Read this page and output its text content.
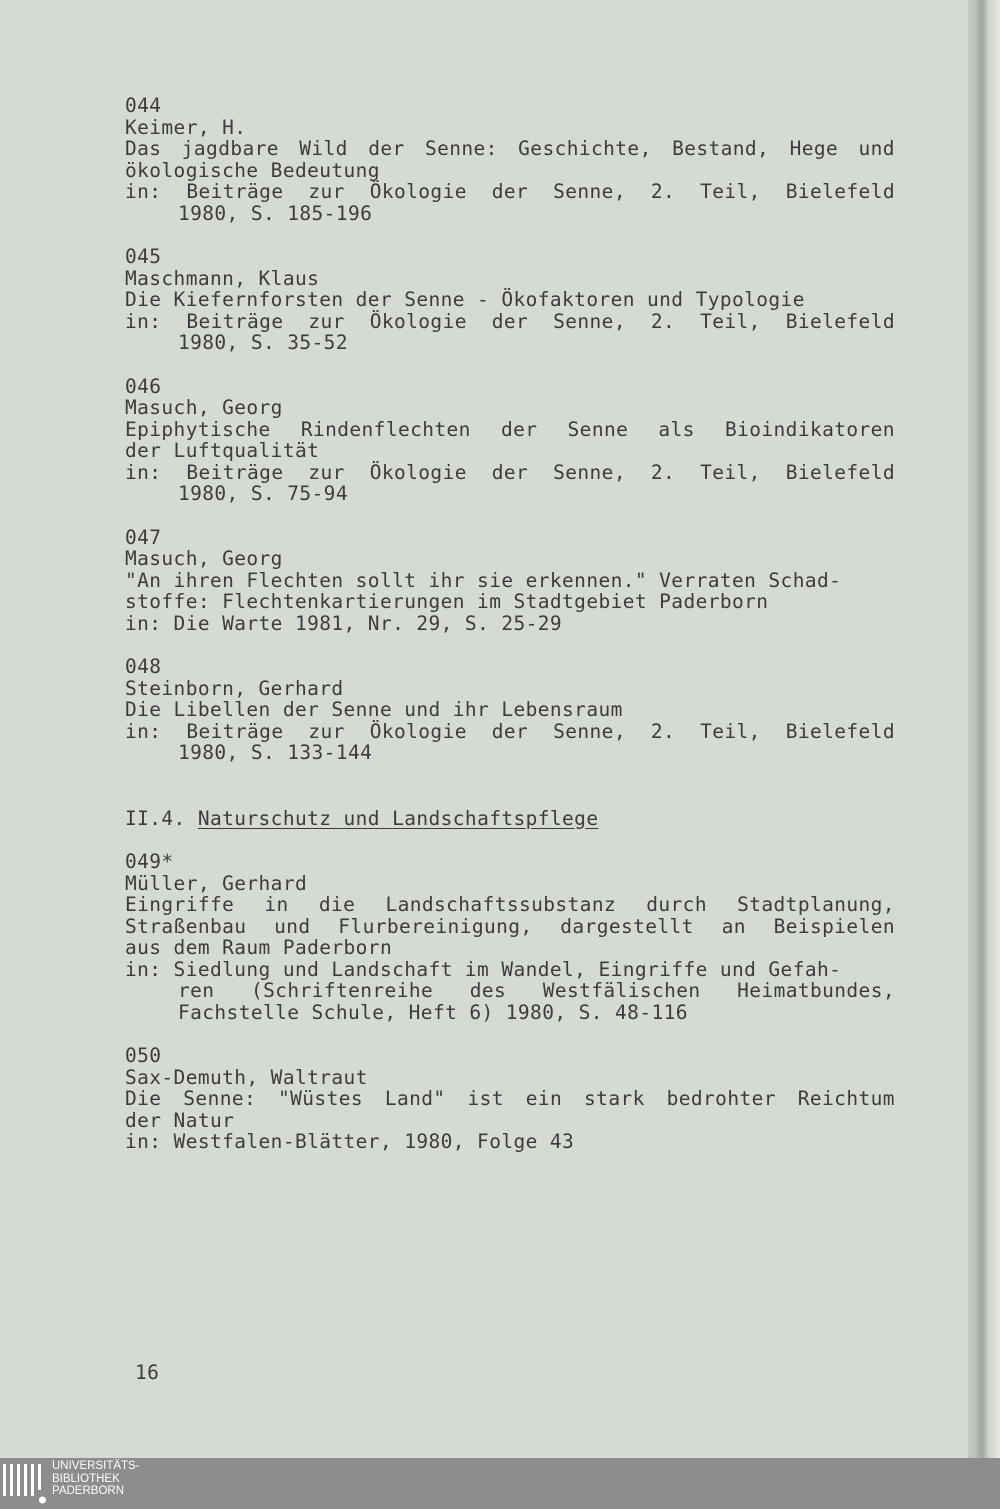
044
Keimer, H.
Das jagdbare Wild der Senne: Geschichte, Bestand, Hege und
ökologische Bedeutung
in: Beiträge zur Ökologie der Senne, 2. Teil, Bielefeld
1980, S. 185-196
045
Maschmann, Klaus
Die Kiefernforsten der Senne - Ökofaktoren und Typologie
in: Beiträge zur Ökologie der Senne, 2. Teil, Bielefeld
1980, S. 35-52
046
Masuch, Georg
Epiphytische Rindenflechten der Senne als Bioindikatoren
der Luftqualität
in: Beiträge zur Ökologie der Senne, 2. Teil, Bielefeld
1980, S. 75-94
047
Masuch, Georg
"An ihren Flechten sollt ihr sie erkennen." Verraten Schad-
stoffe: Flechtenkartierungen im Stadtgebiet Paderborn
in: Die Warte 1981, Nr. 29, S. 25-29
048
Steinborn, Gerhard
Die Libellen der Senne und ihr Lebensraum
in: Beiträge zur Ökologie der Senne, 2. Teil, Bielefeld
1980, S. 133-144
II.4. Naturschutz und Landschaftspflege
049*
Müller, Gerhard
Eingriffe in die Landschaftssubstanz durch Stadtplanung,
Straßenbau und Flurbereinigung, dargestellt an Beispielen
aus dem Raum Paderborn
in: Siedlung und Landschaft im Wandel, Eingriffe und Gefah-
ren (Schriftenreihe des Westfälischen Heimatbundes,
Fachstelle Schule, Heft 6) 1980, S. 48-116
050
Sax-Demuth, Waltraut
Die Senne: "Wüstes Land" ist ein stark bedrohter Reichtum
der Natur
in: Westfalen-Blätter, 1980, Folge 43
16
UNIVERSITÄTS-
BIBLIOTHEK
PADERBORN
